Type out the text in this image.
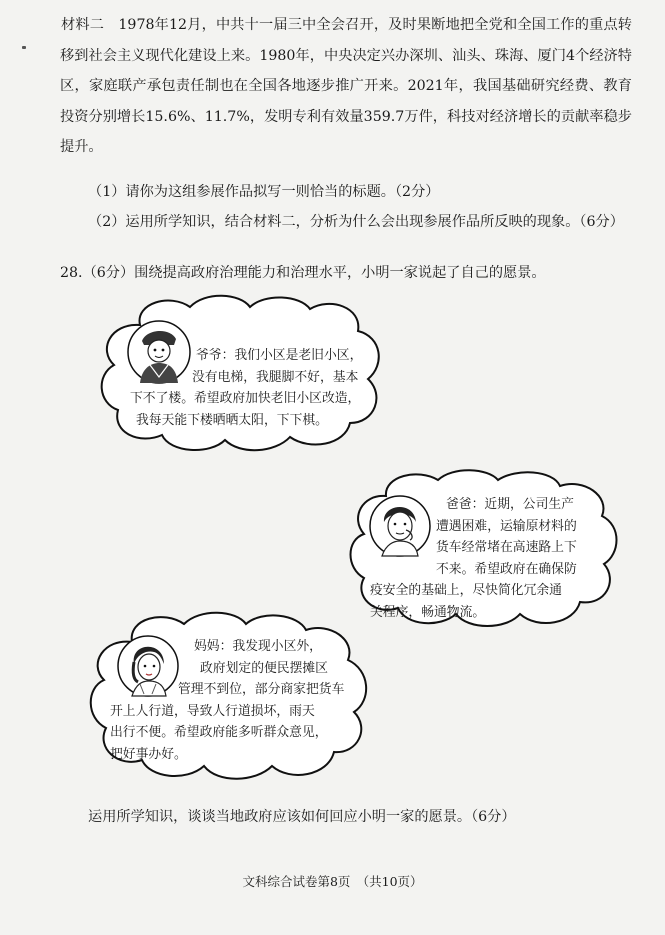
材料二　1978年12月，中共十一届三中全会召开，及时果断地把全党和全国工作的重点转移到社会主义现代化建设上来。1980年，中央决定兴办深圳、汕头、珠海、厦门4个经济特区，家庭联产承包责任制也在全国各地逐步推广开来。2021年，我国基础研究经费、教育投资分别增长15.6%、11.7%，发明专利有效量359.7万件，科技对经济增长的贡献率稳步提升。
（1）请你为这组参展作品拟写一则恰当的标题。（2分）
（2）运用所学知识，结合材料二，分析为什么会出现参展作品所反映的现象。（6分）
28.（6分）围绕提高政府治理能力和治理水平，小明一家说起了自己的愿景。
爷爷：我们小区是老旧小区，
没有电梯，我腿脚不好，基本
下不了楼。希望政府加快老旧小区改造，
我每天能下楼晒晒太阳，下下棋。
爸爸：近期，公司生产
遭遇困难，运输原材料的
货车经常堵在高速路上下
不来。希望政府在确保防
疫安全的基础上，尽快简化冗余通
关程序，畅通物流。
妈妈：我发现小区外，
政府划定的便民摆摊区
管理不到位，部分商家把货车
开上人行道，导致人行道损坏，雨天
出行不便。希望政府能多听群众意见，
把好事办好。
运用所学知识，谈谈当地政府应该如何回应小明一家的愿景。（6分）
文科综合试卷第8页　（共10页）
